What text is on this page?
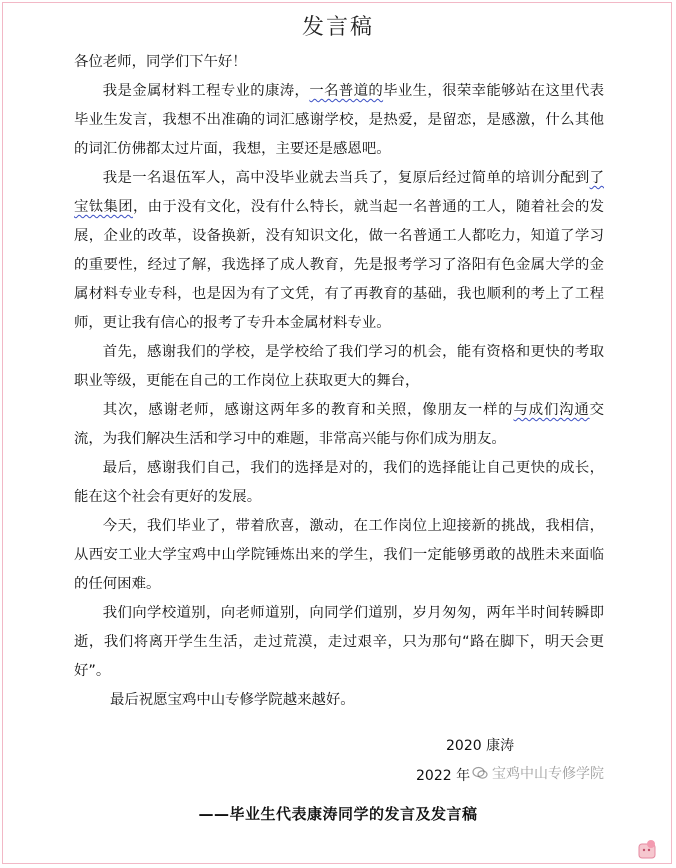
发言稿

各位老师，同学们下午好！

我是金属材料工程专业的康涛，一名普道的毕业生，很荣幸能够站在这里代表毕业生发言，我想不出准确的词汇感谢学校，是热爱，是留恋，是感激，什么其他的词汇仿佛都太过片面，我想，主要还是感恩吧。

我是一名退伍军人，高中没毕业就去当兵了，复原后经过简单的培训分配到了宝钛集团，由于没有文化，没有什么特长，就当起一名普通的工人，随着社会的发展，企业的改革，设备换新，没有知识文化，做一名普通工人都吃力，知道了学习的重要性，经过了解，我选择了成人教育，先是报考学习了洛阳有色金属大学的金属材料专业专科，也是因为有了文凭，有了再教育的基础，我也顺利的考上了工程师，更让我有信心的报考了专升本金属材料专业。

首先，感谢我们的学校，是学校给了我们学习的机会，能有资格和更快的考取职业等级，更能在自己的工作岗位上获取更大的舞台，

其次，感谢老师，感谢这两年多的教育和关照，像朋友一样的与成们沟通交流，为我们解决生活和学习中的难题，非常高兴能与你们成为朋友。

最后，感谢我们自己，我们的选择是对的，我们的选择能让自己更快的成长，能在这个社会有更好的发展。

今天，我们毕业了，带着欣喜，激动，在工作岗位上迎接新的挑战，我相信，从西安工业大学宝鸡中山学院锤炼出来的学生，我们一定能够勇敢的战胜未来面临的任何困难。

我们向学校道别，向老师道别，向同学们道别，岁月匆匆，两年半时间转瞬即逝，我们将离开学生生活，走过荒漠，走过艰辛，只为那句“路在脚下，明天会更好”。

最后祝愿宝鸡中山专修学院越来越好。

2020 康涛
2022 年	宝鸡中山专修学院
——毕业生代表康涛同学的发言及发言稿
